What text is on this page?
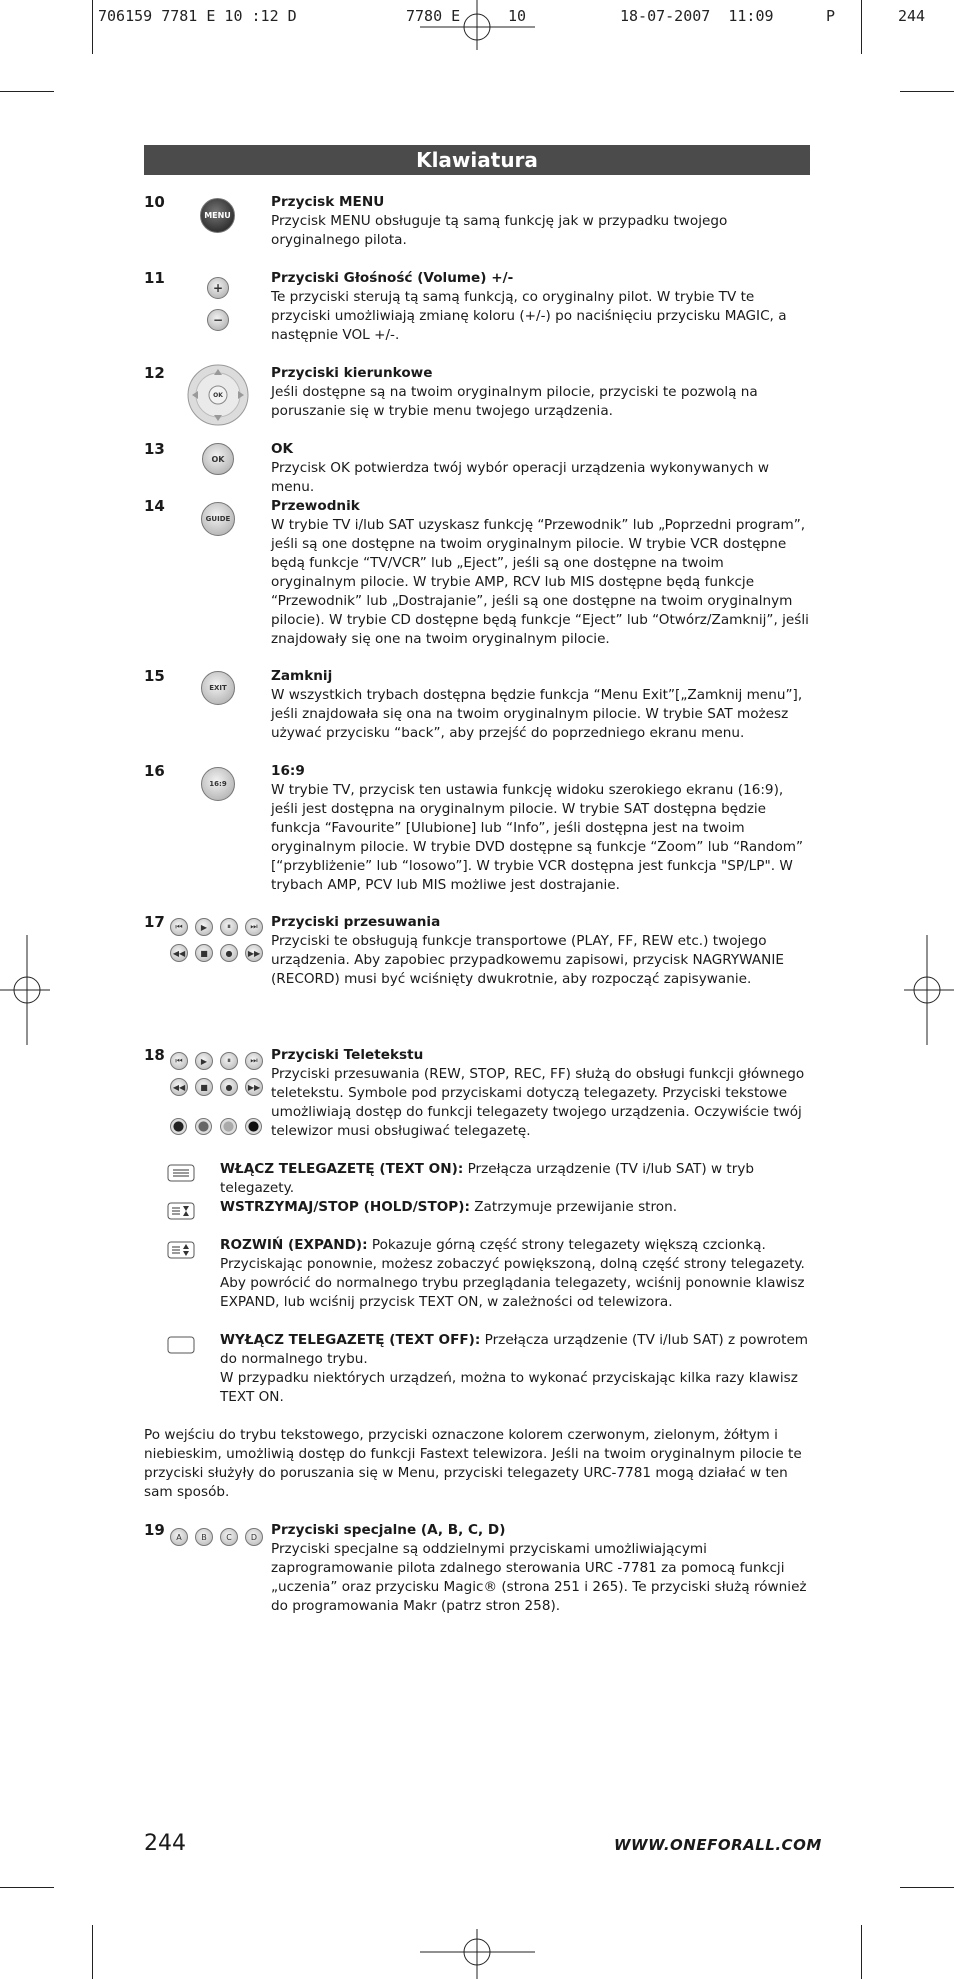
706159 7781 E 10 :12 D	7780 E	10	18-07-2007  11:09	P	244
Klawiatura
10
MENU
Przycisk MENU
Przycisk MENU obsługuje tą samą funkcję jak w przypadku twojego oryginalnego pilota.
11
+
−
Przyciski Głośność (Volume) +/-
Te przyciski sterują tą samą funkcją, co oryginalny pilot. W trybie TV te przyciski umożliwiają zmianę koloru (+/-) po naciśnięciu przycisku MAGIC, a następnie VOL +/-.
12
OK
Przyciski kierunkowe
Jeśli dostępne są na twoim oryginalnym pilocie, przyciski te pozwolą na poruszanie się w trybie menu twojego urządzenia.
13
OK
OK
Przycisk OK potwierdza twój wybór operacji urządzenia wykonywanych w menu.
14
GUIDE
Przewodnik
W trybie TV i/lub SAT uzyskasz funkcję “Przewodnik” lub „Poprzedni program”, jeśli są one dostępne na twoim oryginalnym pilocie. W trybie VCR dostępne będą funkcje “TV/VCR” lub „Eject”, jeśli są one dostępne na twoim oryginalnym pilocie. W trybie AMP, RCV lub MIS dostępne będą funkcje “Przewodnik” lub „Dostrajanie”, jeśli są one dostępne na twoim oryginalnym pilocie). W trybie CD dostępne będą funkcje “Eject” lub “Otwórz/Zamknij”, jeśli znajdowały się one na twoim oryginalnym pilocie.
15
EXIT
Zamknij
W wszystkich trybach dostępna będzie funkcja “Menu Exit”[„Zamknij menu”], jeśli znajdowała się ona na twoim oryginalnym pilocie. W trybie SAT możesz używać przycisku “back”, aby przejść do poprzedniego ekranu menu.
16
16:9
16:9
W trybie TV, przycisk ten ustawia funkcję widoku szerokiego ekranu (16:9), jeśli jest dostępna na oryginalnym pilocie. W trybie SAT dostępna będzie funkcja “Favourite” [Ulubione] lub “Info”, jeśli dostępna jest na twoim oryginalnym pilocie. W trybie DVD dostępne są funkcje “Zoom” lub “Random” [“przybliżenie” lub “losowo”]. W trybie VCR dostępna jest funkcja "SP/LP". W trybach AMP, PCV lub MIS możliwe jest dostrajanie.
17	⏮	▶	⏸	⏭
◀◀	■	●	▶▶
Przyciski przesuwania
Przyciski te obsługują funkcje transportowe (PLAY, FF, REW etc.) twojego urządzenia. Aby zapobiec przypadkowemu zapisowi, przycisk NAGRYWANIE (RECORD) musi być wciśnięty dwukrotnie, aby rozpocząć zapisywanie.
18	⏮	▶	⏸	⏭
◀◀	■	●	▶▶
Przyciski Teletekstu
Przyciski przesuwania (REW, STOP, REC, FF) służą do obsługi funkcji głównego teletekstu. Symbole pod przyciskami dotyczą telegazety. Przyciski tekstowe umożliwiają dostęp do funkcji telegazety twojego urządzenia. Oczywiście twój telewizor musi obsługiwać telegazetę.
WŁĄCZ TELEGAZETĘ (TEXT ON): Przełącza urządzenie (TV i/lub SAT) w tryb telegazety.
WSTRZYMAJ/STOP (HOLD/STOP): Zatrzymuje przewijanie stron.
ROZWIŃ (EXPAND): Pokazuje górną część strony telegazety większą czcionką. Przyciskając ponownie, możesz zobaczyć powiększoną, dolną część strony telegazety. Aby powrócić do normalnego trybu przeglądania telegazety, wciśnij ponownie klawisz EXPAND, lub wciśnij przycisk TEXT ON, w zależności od telewizora.
WYŁĄCZ TELEGAZETĘ (TEXT OFF): Przełącza urządzenie (TV i/lub SAT) z powrotem do normalnego trybu.
W przypadku niektórych urządzeń, można to wykonać przyciskając kilka razy klawisz TEXT ON.
Po wejściu do trybu tekstowego, przyciski oznaczone kolorem czerwonym, zielonym, żółtym i niebieskim, umożliwią dostęp do funkcji Fastext telewizora. Jeśli na twoim oryginalnym pilocie te przyciski służyły do poruszania się w Menu, przyciski telegazety URC-7781 mogą działać w ten sam sposób.
19	A	B	C	D	Przyciski specjalne (A, B, C, D)
Przyciski specjalne są oddzielnymi przyciskami umożliwiającymi zaprogramowanie pilota zdalnego sterowania URC -7781 za pomocą funkcji „uczenia” oraz przycisku Magic® (strona 251 i 265). Te przyciski służą również do programowania Makr (patrz stron 258).
244	WWW.ONEFORALL.COM
